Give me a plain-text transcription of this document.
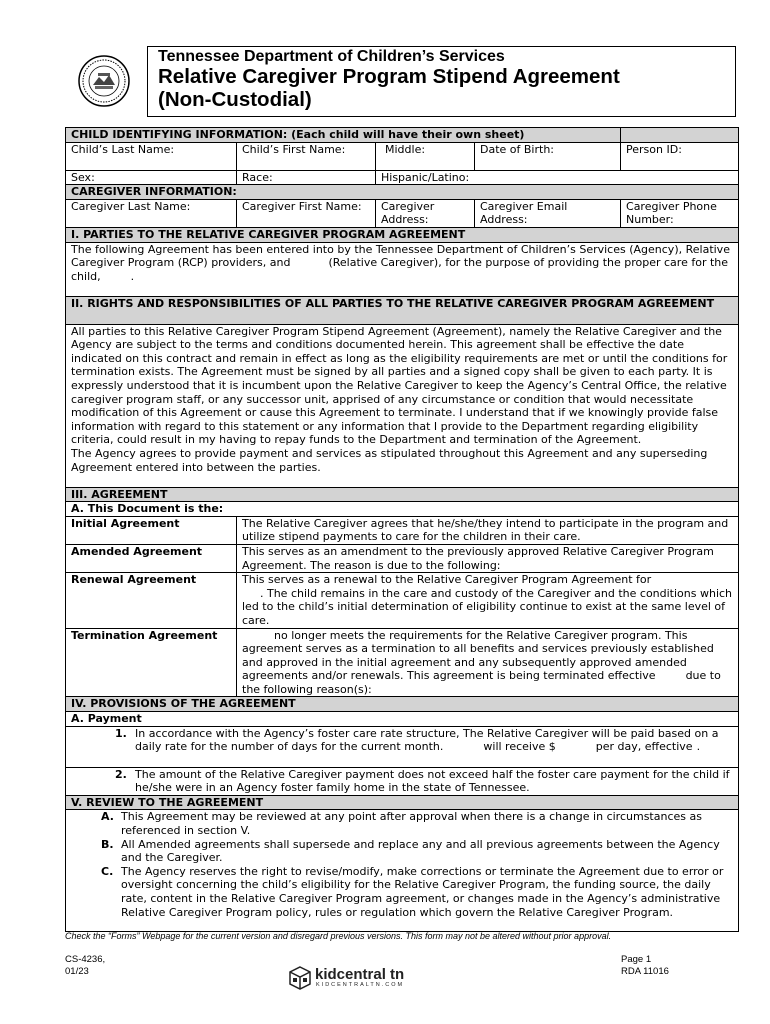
Tennessee Department of Children’s Services
Relative Caregiver Program Stipend Agreement
(Non-Custodial)
CHILD IDENTIFYING INFORMATION: (Each child will have their own sheet)				
Child’s Last Name:	Child’s First Name:	Middle:	Date of Birth:	Person ID:
Sex:	Race:	Hispanic/Latino:		
CAREGIVER INFORMATION:				
Caregiver Last Name:	Caregiver First Name:	Caregiver Address:	Caregiver Email Address:	Caregiver Phone Number:
I. PARTIES TO THE RELATIVE CAREGIVER PROGRAM AGREEMENT				
The following Agreement has been entered into by the Tennessee Department of Children’s Services (Agency), Relative Caregiver Program (RCP) providers, and (Relative Caregiver), for the purpose of providing the proper care for the child, .				
II. RIGHTS AND RESPONSIBILITIES OF ALL PARTIES TO THE RELATIVE CAREGIVER PROGRAM AGREEMENT				

All parties to this Relative Caregiver Program Stipend Agreement (Agreement), namely the Relative Caregiver and the Agency are subject to the terms and conditions documented herein. This agreement shall be effective the date indicated on this contract and remain in effect as long as the eligibility requirements are met or until the conditions for termination exists. The Agreement must be signed by all parties and a signed copy shall be given to each party. It is expressly understood that it is incumbent upon the Relative Caregiver to keep the Agency’s Central Office, the relative caregiver program staff, or any successor unit, apprised of any circumstance or condition that would necessitate modification of this Agreement or cause this Agreement to terminate. I understand that if we knowingly provide false information with regard to this statement or any information that I provide to the Department regarding eligibility criteria, could result in my having to repay funds to the Department and termination of the Agreement.

The Agency agrees to provide payment and services as stipulated throughout this Agreement and any superseding Agreement entered into between the parties.				

III. AGREEMENT				
A. This Document is the:				
Initial Agreement	The Relative Caregiver agrees that he/she/they intend to participate in the program and utilize stipend payments to care for the children in their care.			
Amended Agreement	This serves as an amendment to the previously approved Relative Caregiver Program Agreement. The reason is due to the following:			
Renewal Agreement	This serves as a renewal to the Relative Caregiver Program Agreement for
. The child remains in the care and custody of the Caregiver and the conditions which led to the child’s initial determination of eligibility continue to exist at the same level of care.			
Termination Agreement	no longer meets the requirements for the Relative Caregiver program. This agreement serves as a termination to all benefits and services previously established and approved in the initial agreement and any subsequently approved amended agreements and/or renewals. This agreement is being terminated effective due to the following reason(s):			
IV. PROVISIONS OF THE AGREEMENT				
A. Payment				

1. In accordance with the Agency’s foster care rate structure, The Relative Caregiver will be paid based on a daily rate for the number of days for the current month. will receive $ per day, effective .				

2. The amount of the Relative Caregiver payment does not exceed half the foster care payment for the child if he/she were in an Agency foster family home in the state of Tennessee.				

V. REVIEW TO THE AGREEMENT				

A. This Agreement may be reviewed at any point after approval when there is a change in circumstances as referenced in section V.
B. All Amended agreements shall supersede and replace any and all previous agreements between the Agency and the Caregiver.
C. The Agency reserves the right to revise/modify, make corrections or terminate the Agreement due to error or oversight concerning the child’s eligibility for the Relative Caregiver Program, the funding source, the daily rate, content in the Relative Caregiver Program agreement, or changes made in the Agency’s administrative Relative Caregiver Program policy, rules or regulation which govern the Relative Caregiver Program.				
Check the “Forms” Webpage for the current version and disregard previous versions. This form may not be altered without prior approval.
CS-4236,
01/23
Page 1
RDA 11016
kidcentral tn
KIDCENTRALTN.COM
